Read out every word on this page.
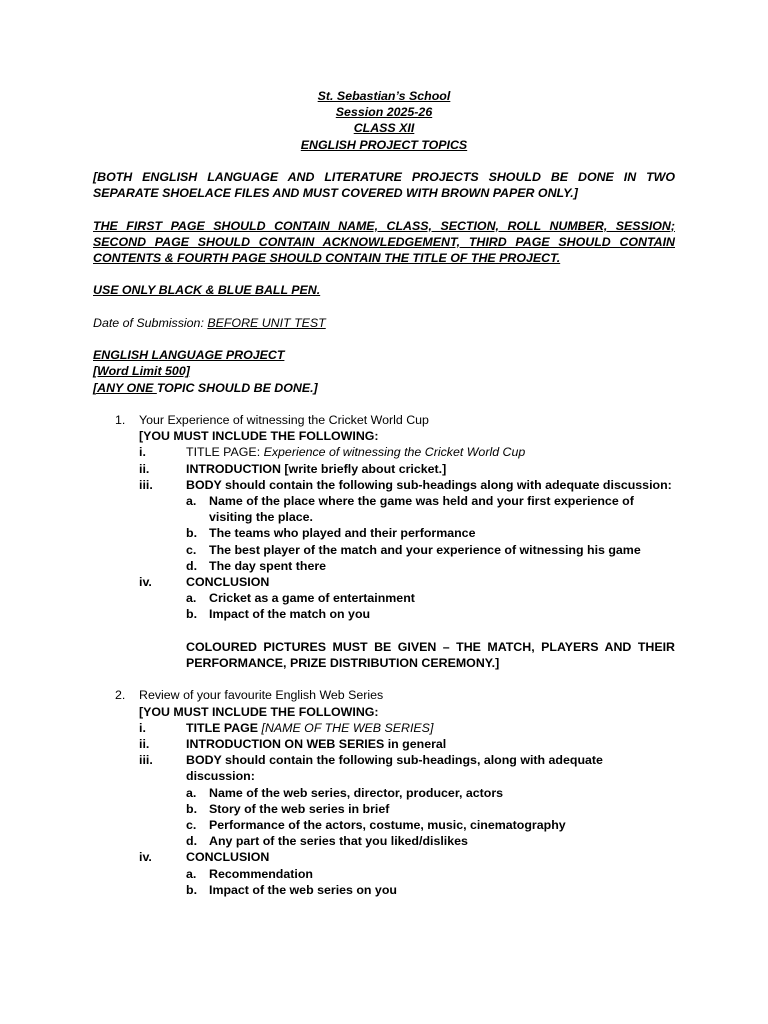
St. Sebastian’s School
Session 2025-26
CLASS XII
ENGLISH PROJECT TOPICS
[BOTH ENGLISH LANGUAGE AND LITERATURE PROJECTS SHOULD BE DONE IN TWO SEPARATE SHOELACE FILES AND MUST COVERED WITH BROWN PAPER ONLY.]
THE FIRST PAGE SHOULD CONTAIN NAME, CLASS, SECTION, ROLL NUMBER, SESSION; SECOND PAGE SHOULD CONTAIN ACKNOWLEDGEMENT, THIRD PAGE SHOULD CONTAIN CONTENTS & FOURTH PAGE SHOULD CONTAIN THE TITLE OF THE PROJECT.
USE ONLY BLACK & BLUE BALL PEN.
Date of Submission: BEFORE UNIT TEST
ENGLISH LANGUAGE PROJECT
[Word Limit 500]
[ANY ONE TOPIC SHOULD BE DONE.]
1. Your Experience of witnessing the Cricket World Cup
[YOU MUST INCLUDE THE FOLLOWING:
i.	TITLE PAGE: Experience of witnessing the Cricket World Cup
ii.	INTRODUCTION [write briefly about cricket.]
iii.	BODY should contain the following sub-headings along with adequate discussion:
a. Name of the place where the game was held and your first experience of visiting the place.
b. The teams who played and their performance
c. The best player of the match and your experience of witnessing his game
d. The day spent there
iv.	CONCLUSION
a. Cricket as a game of entertainment
b. Impact of the match on you
COLOURED PICTURES MUST BE GIVEN – THE MATCH, PLAYERS AND THEIR PERFORMANCE, PRIZE DISTRIBUTION CEREMONY.]
2. Review of your favourite English Web Series
[YOU MUST INCLUDE THE FOLLOWING:
i.	TITLE PAGE [NAME OF THE WEB SERIES]
ii.	INTRODUCTION ON WEB SERIES in general
iii.	BODY should contain the following sub-headings, along with adequate discussion:
a. Name of the web series, director, producer, actors
b. Story of the web series in brief
c. Performance of the actors, costume, music, cinematography
d. Any part of the series that you liked/dislikes
iv.	CONCLUSION
a. Recommendation
b. Impact of the web series on you
